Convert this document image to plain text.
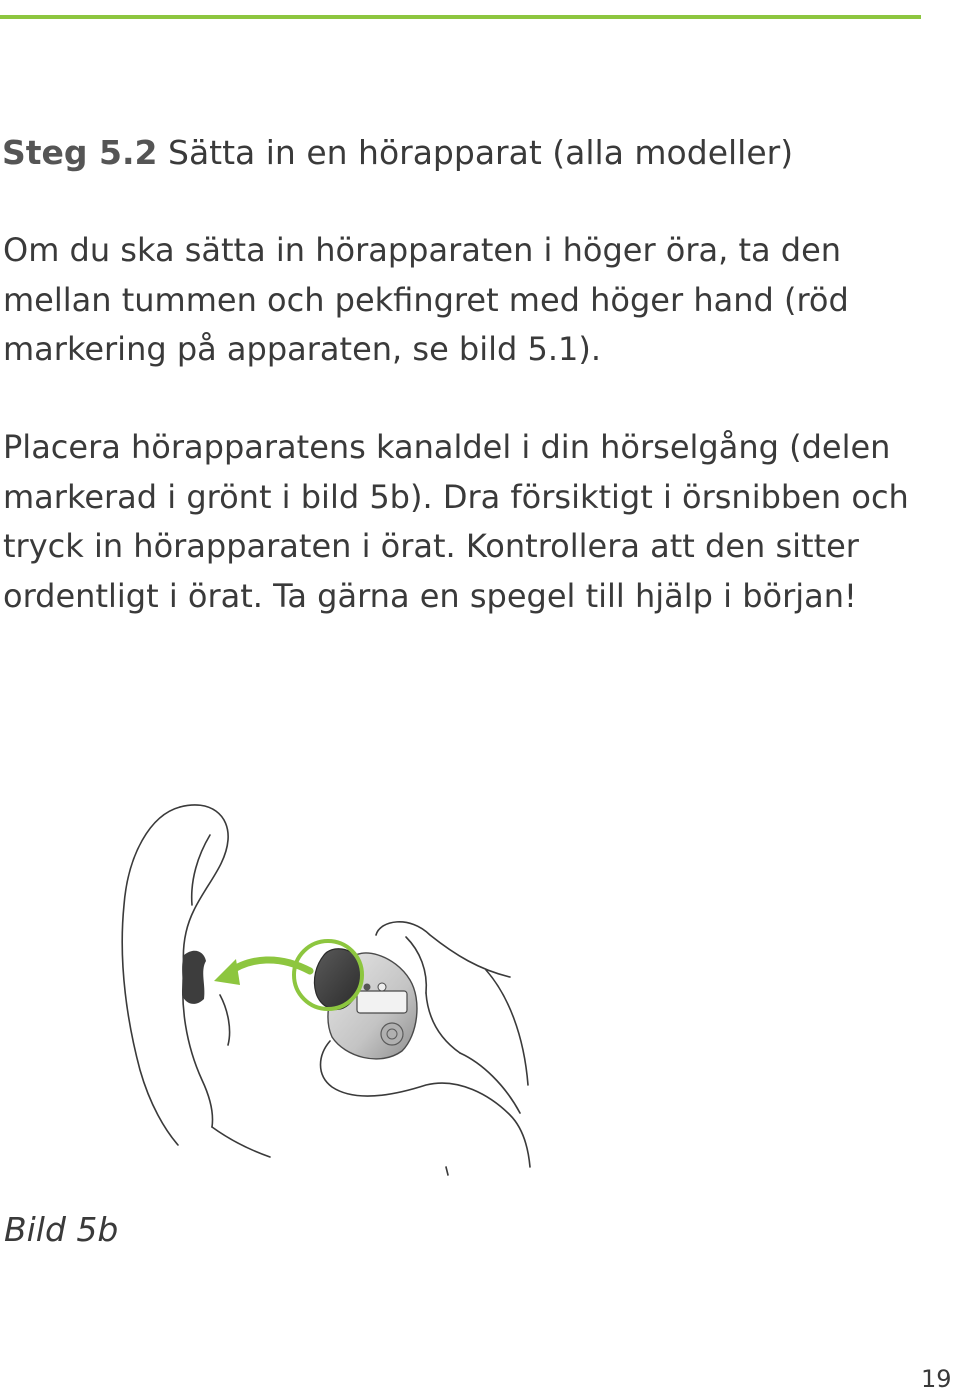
Steg 5.2 Sätta in en hörapparat (alla modeller)

Om du ska sätta in hörapparaten i höger öra, ta den
mellan tummen och pekfingret med höger hand (röd
markering på apparaten, se bild 5.1).

Placera hörapparatens kanaldel i din hörselgång (delen
markerad i grönt i bild 5b). Dra försiktigt i örsnibben och
tryck in hörapparaten i örat. Kontrollera att den sitter
ordentligt i örat. Ta gärna en spegel till hjälp i början!

Bild 5b
19
